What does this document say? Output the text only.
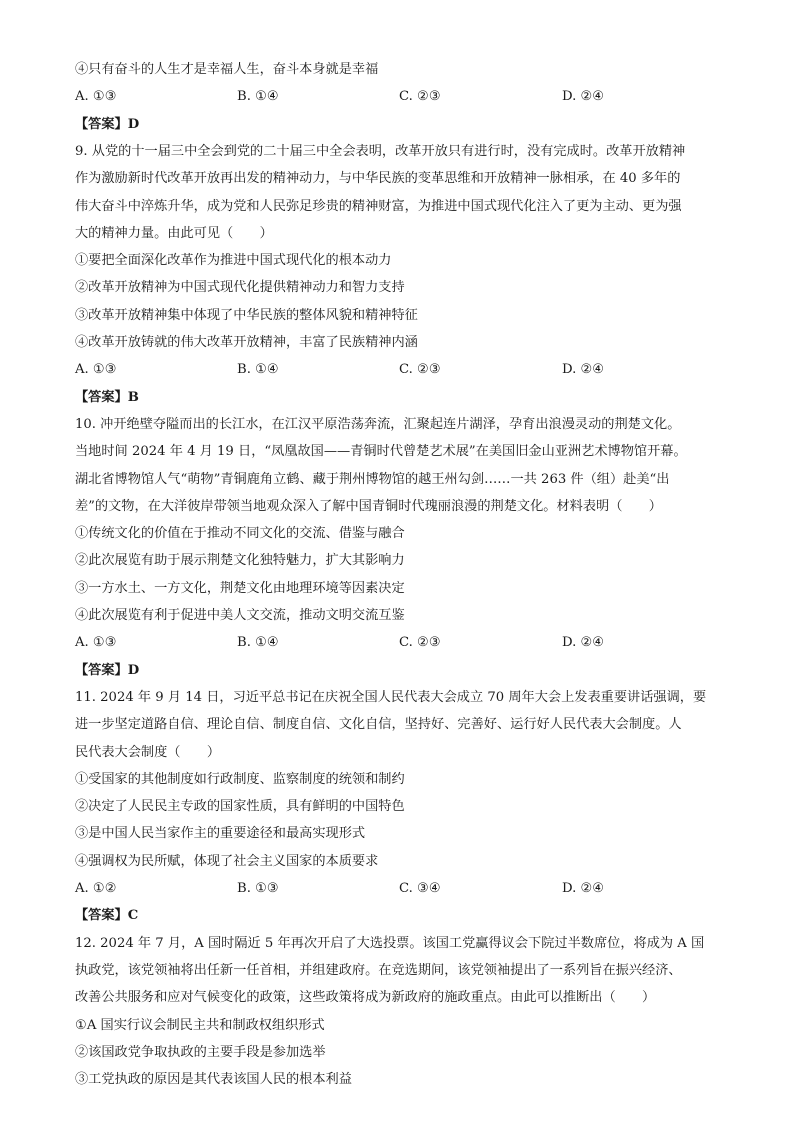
④只有奋斗的人生才是幸福人生，奋斗本身就是幸福
A. ①③	B. ①④	C. ②③	D. ②④
【答案】D
9. 从党的十一届三中全会到党的二十届三中全会表明，改革开放只有进行时，没有完成时。改革开放精神
作为激励新时代改革开放再出发的精神动力，与中华民族的变革思维和开放精神一脉相承，在 40 多年的
伟大奋斗中淬炼升华，成为党和人民弥足珍贵的精神财富，为推进中国式现代化注入了更为主动、更为强
大的精神力量。由此可见（　　）
①要把全面深化改革作为推进中国式现代化的根本动力
②改革开放精神为中国式现代化提供精神动力和智力支持
③改革开放精神集中体现了中华民族的整体风貌和精神特征
④改革开放铸就的伟大改革开放精神，丰富了民族精神内涵
A. ①③	B. ①④	C. ②③	D. ②④
【答案】B
10. 冲开绝壁夺隘而出的长江水，在江汉平原浩荡奔流，汇聚起连片湖泽，孕育出浪漫灵动的荆楚文化。
当地时间 2024 年 4 月 19 日，“凤凰故国——青铜时代曾楚艺术展”在美国旧金山亚洲艺术博物馆开幕。
湖北省博物馆人气“萌物”青铜鹿角立鹤、藏于荆州博物馆的越王州勾剑……一共 263 件（组）赴美“出
差”的文物，在大洋彼岸带领当地观众深入了解中国青铜时代瑰丽浪漫的荆楚文化。材料表明（　　）
①传统文化的价值在于推动不同文化的交流、借鉴与融合
②此次展览有助于展示荆楚文化独特魅力，扩大其影响力
③一方水土、一方文化，荆楚文化由地理环境等因素决定
④此次展览有利于促进中美人文交流，推动文明交流互鉴
A. ①③	B. ①④	C. ②③	D. ②④
【答案】D
11. 2024 年 9 月 14 日，习近平总书记在庆祝全国人民代表大会成立 70 周年大会上发表重要讲话强调，要
进一步坚定道路自信、理论自信、制度自信、文化自信，坚持好、完善好、运行好人民代表大会制度。人
民代表大会制度（　　）
①受国家的其他制度如行政制度、监察制度的统领和制约
②决定了人民民主专政的国家性质，具有鲜明的中国特色
③是中国人民当家作主的重要途径和最高实现形式
④强调权为民所赋，体现了社会主义国家的本质要求
A. ①②	B. ①③	C. ③④	D. ②④
【答案】C
12. 2024 年 7 月，A 国时隔近 5 年再次开启了大选投票。该国工党赢得议会下院过半数席位，将成为 A 国
执政党，该党领袖将出任新一任首相，并组建政府。在竞选期间，该党领袖提出了一系列旨在振兴经济、
改善公共服务和应对气候变化的政策，这些政策将成为新政府的施政重点。由此可以推断出（　　）
①A 国实行议会制民主共和制政权组织形式
②该国政党争取执政的主要手段是参加选举
③工党执政的原因是其代表该国人民的根本利益
